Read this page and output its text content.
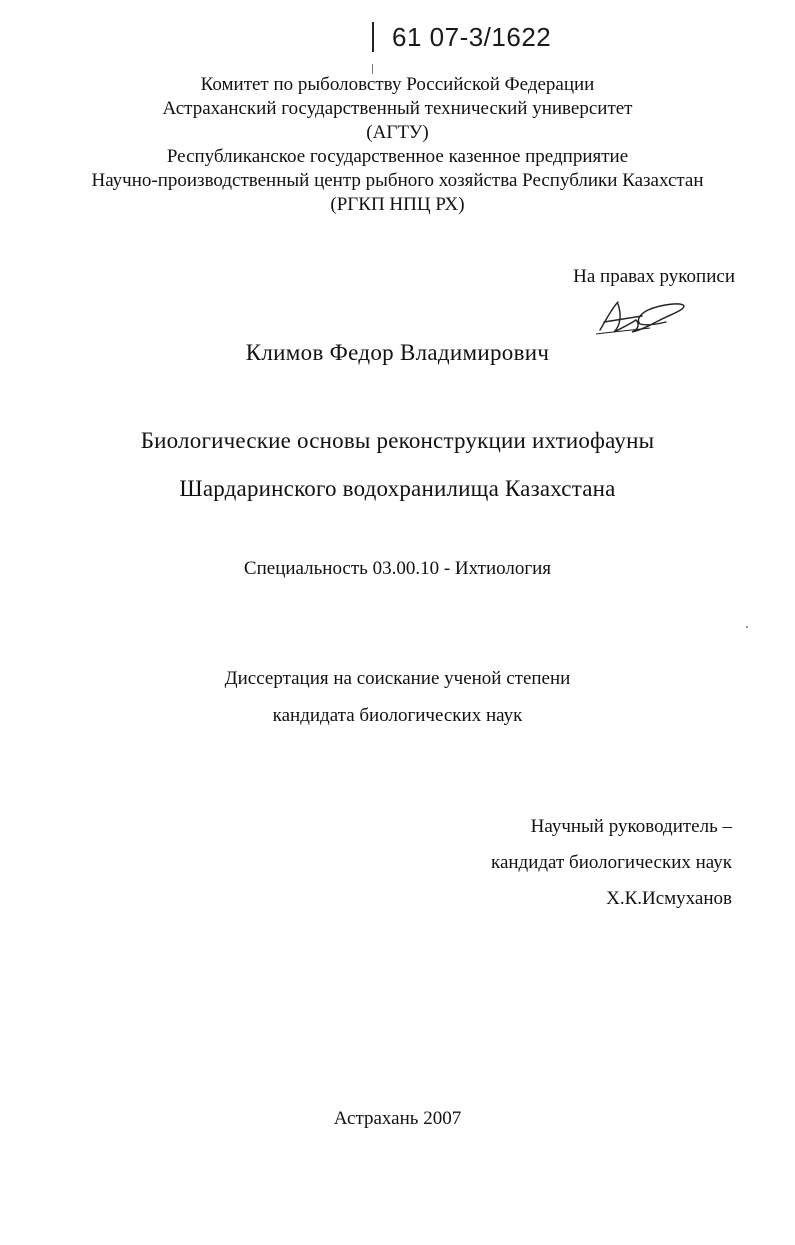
61 07-3/1622
Комитет по рыболовству Российской Федерации
Астраханский государственный технический университет
(АГТУ)
Республиканское государственное казенное предприятие
Научно-производственный центр рыбного хозяйства Республики Казахстан
(РГКП НПЦ РХ)
На правах рукописи
Климов Федор Владимирович
Биологические основы реконструкции ихтиофауны
Шардаринского водохранилища Казахстана
Специальность 03.00.10 - Ихтиология
Диссертация на соискание ученой степени
кандидата биологических наук
Научный руководитель –
кандидат биологических наук
Х.К.Исмуханов
Астрахань 2007
